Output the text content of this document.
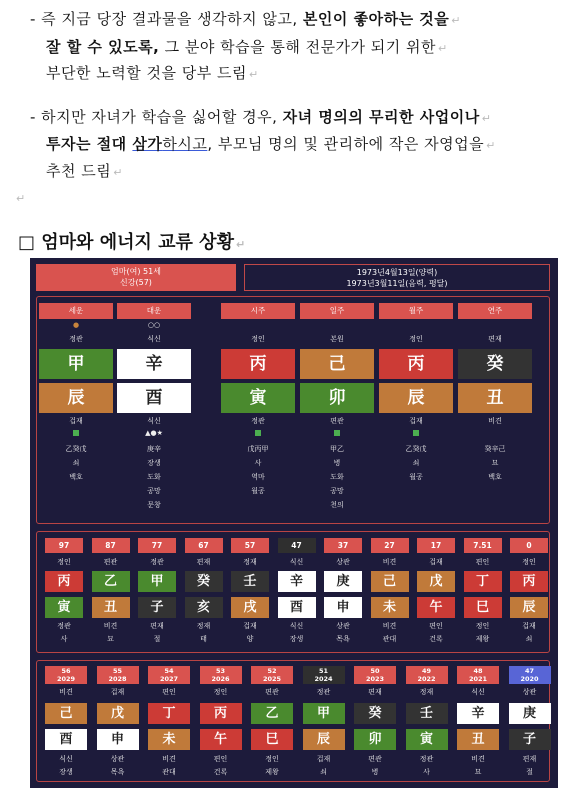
- 즉 지금 당장 결과물을 생각하지 않고, 본인이 좋아하는 것을 ↵
잘 할 수 있도록, 그 분야 학습을 통해 전문가가 되기 위한 ↵
부단한 노력할 것을 당부 드림 ↵
- 하지만 자녀가 학습을 싫어할 경우, 자녀 명의의 무리한 사업이나 ↵
투자는 절대 삼가하시고, 부모님 명의 및 관리하에 작은 자영업을 ↵
추천 드림 ↵
↵
□ 엄마와 에너지 교류 상황 ↵
엄마(여) 51세
신강(57)
1973년4월13일(양력)
1973년3월11일(음력, 평달)
세운
●
정관
甲
辰
겁재
乙癸戊
쇠
백호
대운
○○
식신
辛
酉
식신
▲●★
庚辛
장생
도화
공망
문창
시주
정인
丙
寅
정관
戊丙甲
사
역마
월공
일주
본원
己
卯
편관
甲乙
병
도화
공망
천의
월주
정인
丙
辰
겁재
乙癸戊
쇠
월공
연주
편재
癸
丑
비견
癸辛己
묘
백호
97
정인
丙
寅
정관
사
87
편관
乙
丑
비견
묘
77
정관
甲
子
편재
절
67
편재
癸
亥
정재
태
57
정재
壬
戌
겁재
양
47
식신
辛
酉
식신
장생
37
상관
庚
申
상관
목욕
27
비견
己
未
비견
관대
17
겁재
戊
午
편인
건록
7.51
편인
丁
巳
정인
제왕
0
정인
丙
辰
겁재
쇠
56
2029
비견
己
酉
식신
장생
55
2028
겁재
戊
申
상관
목욕
54
2027
편인
丁
未
비견
관대
53
2026
정인
丙
午
편인
건록
52
2025
편관
乙
巳
정인
제왕
51
2024
정관
甲
辰
겁재
쇠
50
2023
편재
癸
卯
편관
병
49
2022
정재
壬
寅
정관
사
48
2021
식신
辛
丑
비견
묘
47
2020
상관
庚
子
편재
절
